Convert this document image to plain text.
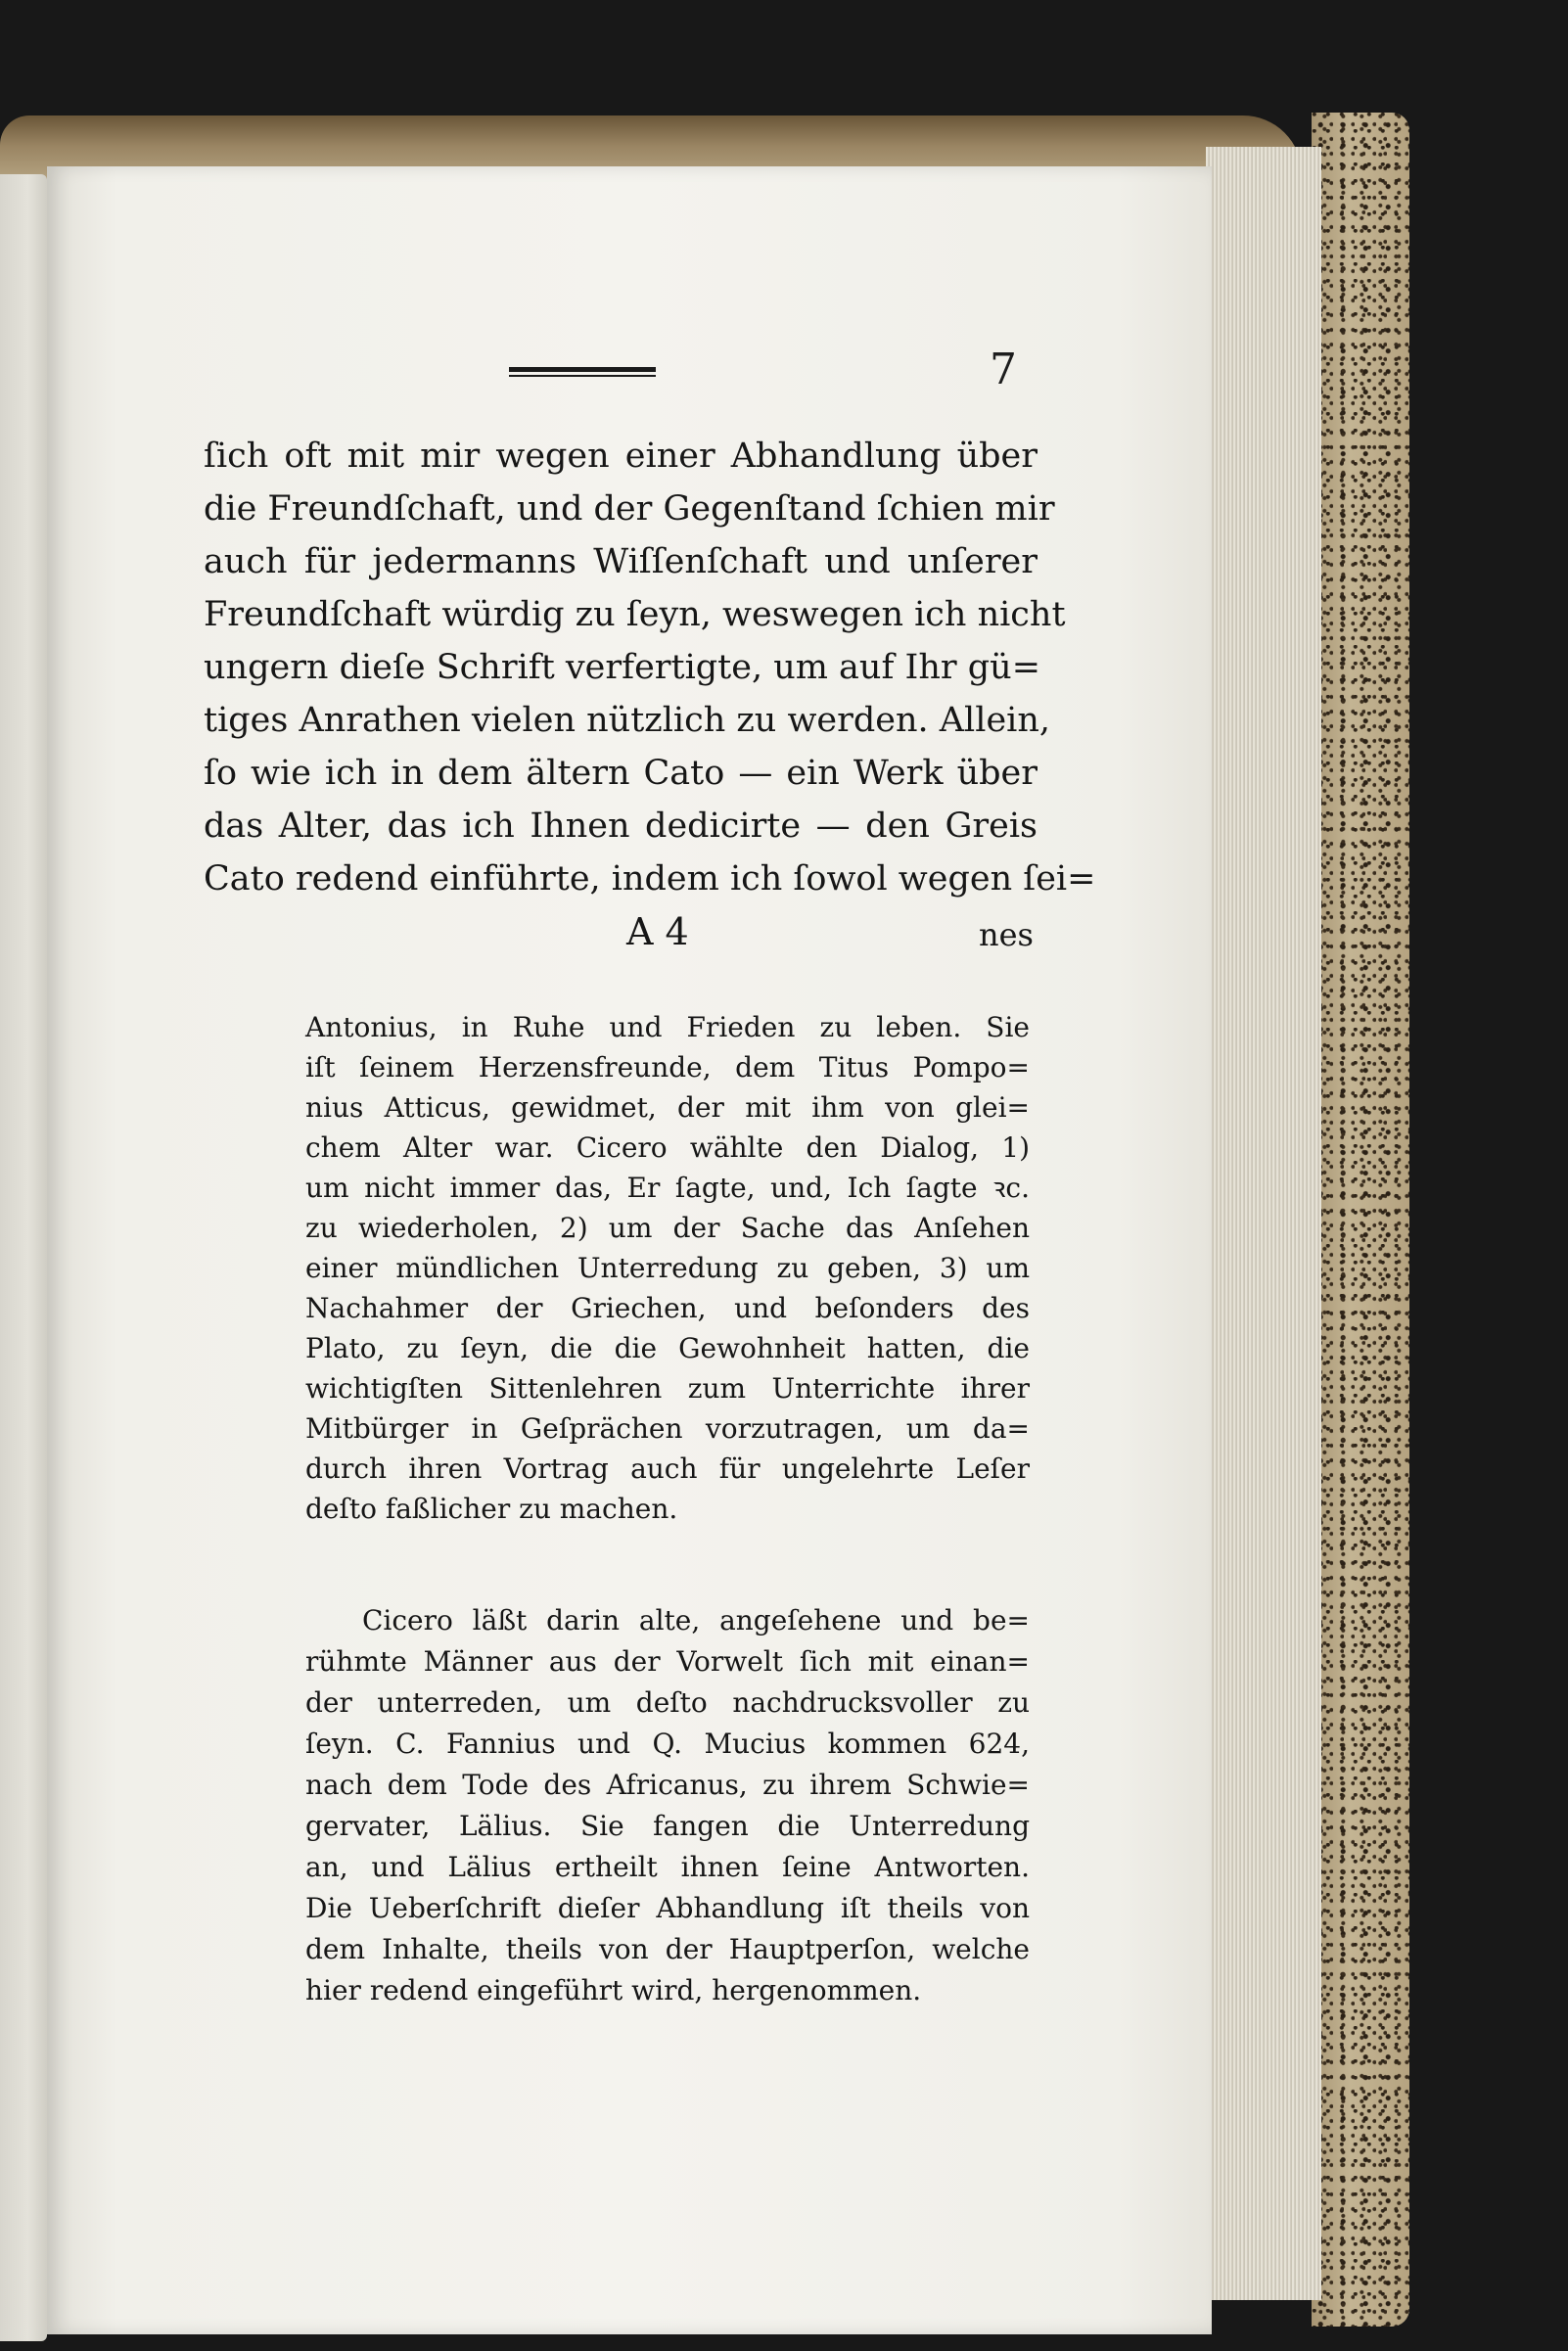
7
ſich oft mit mir wegen einer Abhandlung über
die Freundſchaft, und der Gegenſtand ſchien mir
auch für jedermanns Wiſſenſchaft und unſerer
Freundſchaft würdig zu ſeyn, weswegen ich nicht
ungern dieſe Schrift verfertigte, um auf Ihr gü=
tiges Anrathen vielen nützlich zu werden. Allein,
ſo wie ich in dem ältern Cato — ein Werk über
das Alter, das ich Ihnen dedicirte — den Greis
Cato redend einführte, indem ich ſowol wegen ſei=
A 4	nes
Antonius, in Ruhe und Frieden zu leben. Sie
iſt ſeinem Herzensfreunde, dem Titus Pompo=
nius Atticus, gewidmet, der mit ihm von glei=
chem Alter war. Cicero wählte den Dialog, 1)
um nicht immer das, Er ſagte, und, Ich ſagte ꝛc.
zu wiederholen, 2) um der Sache das Anſehen
einer mündlichen Unterredung zu geben, 3) um
Nachahmer der Griechen, und beſonders des
Plato, zu ſeyn, die die Gewohnheit hatten, die
wichtigſten Sittenlehren zum Unterrichte ihrer
Mitbürger in Geſprächen vorzutragen, um da=
durch ihren Vortrag auch für ungelehrte Leſer
deſto faßlicher zu machen.
Cicero läßt darin alte, angeſehene und be=
rühmte Männer aus der Vorwelt ſich mit einan=
der unterreden, um deſto nachdrucksvoller zu
ſeyn. C. Fannius und Q. Mucius kommen 624,
nach dem Tode des Africanus, zu ihrem Schwie=
gervater, Lälius. Sie fangen die Unterredung
an, und Lälius ertheilt ihnen ſeine Antworten.
Die Ueberſchrift dieſer Abhandlung iſt theils von
dem Inhalte, theils von der Hauptperſon, welche
hier redend eingeführt wird, hergenommen.
